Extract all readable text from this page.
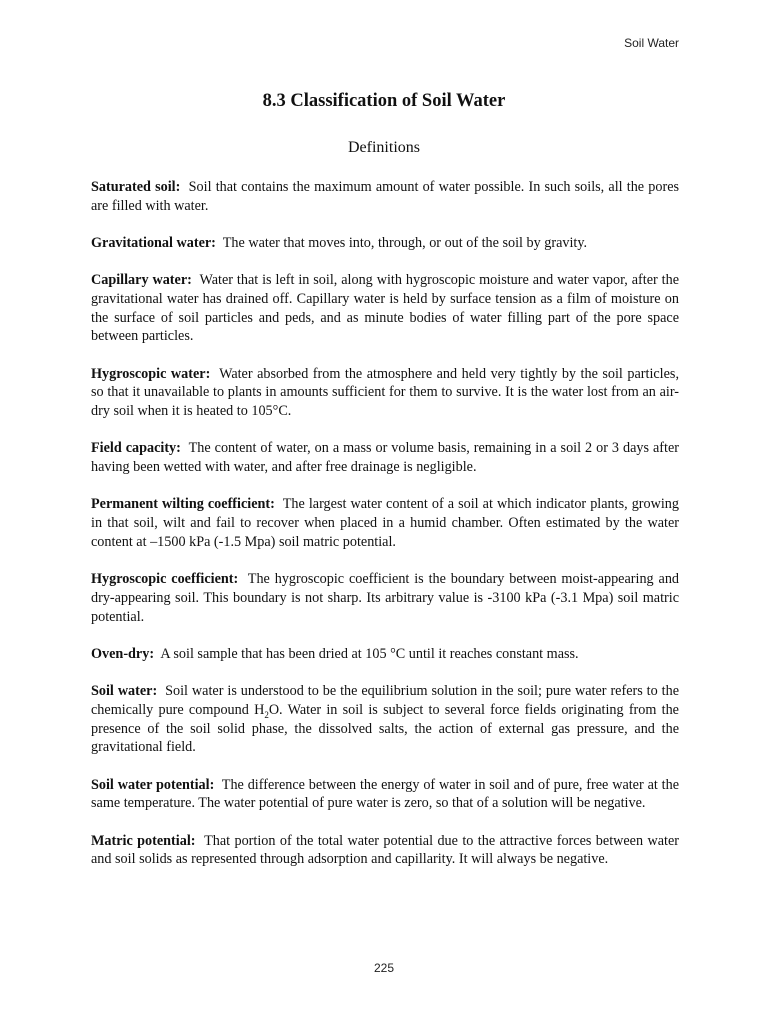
Soil Water
8.3 Classification of Soil Water
Definitions

Saturated soil: Soil that contains the maximum amount of water possible. In such soils, all the pores are filled with water.

Gravitational water: The water that moves into, through, or out of the soil by gravity.

Capillary water: Water that is left in soil, along with hygroscopic moisture and water vapor, after the gravitational water has drained off. Capillary water is held by surface tension as a film of moisture on the surface of soil particles and peds, and as minute bodies of water filling part of the pore space between particles.

Hygroscopic water: Water absorbed from the atmosphere and held very tightly by the soil particles, so that it unavailable to plants in amounts sufficient for them to survive. It is the water lost from an air-dry soil when it is heated to 105°C.

Field capacity: The content of water, on a mass or volume basis, remaining in a soil 2 or 3 days after having been wetted with water, and after free drainage is negligible.

Permanent wilting coefficient: The largest water content of a soil at which indicator plants, growing in that soil, wilt and fail to recover when placed in a humid chamber. Often estimated by the water content at –1500 kPa (-1.5 Mpa) soil matric potential.

Hygroscopic coefficient: The hygroscopic coefficient is the boundary between moist-appearing and dry-appearing soil. This boundary is not sharp. Its arbitrary value is -3100 kPa (-3.1 Mpa) soil matric potential.

Oven-dry: A soil sample that has been dried at 105 °C until it reaches constant mass.

Soil water: Soil water is understood to be the equilibrium solution in the soil; pure water refers to the chemically pure compound $H_2O$. Water in soil is subject to several force fields originating from the presence of the soil solid phase, the dissolved salts, the action of external gas pressure, and the gravitational field.

Soil water potential: The difference between the energy of water in soil and of pure, free water at the same temperature. The water potential of pure water is zero, so that of a solution will be negative.

Matric potential: That portion of the total water potential due to the attractive forces between water and soil solids as represented through adsorption and capillarity. It will always be negative.

225
